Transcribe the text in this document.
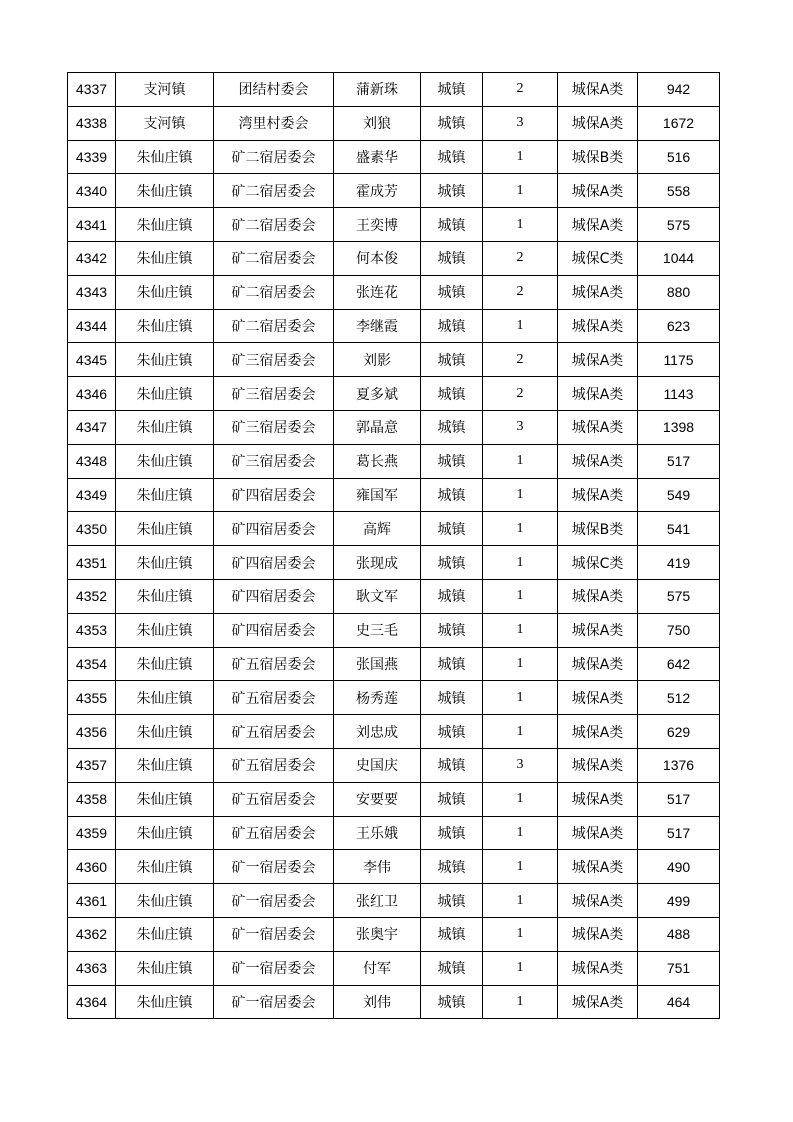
4337	支河镇	团结村委会	蒲新珠	城镇	2	城保A类	942
4338	支河镇	湾里村委会	刘狼	城镇	3	城保A类	1672
4339	朱仙庄镇	矿二宿居委会	盛素华	城镇	1	城保B类	516
4340	朱仙庄镇	矿二宿居委会	霍成芳	城镇	1	城保A类	558
4341	朱仙庄镇	矿二宿居委会	王奕博	城镇	1	城保A类	575
4342	朱仙庄镇	矿二宿居委会	何本俊	城镇	2	城保C类	1044
4343	朱仙庄镇	矿二宿居委会	张连花	城镇	2	城保A类	880
4344	朱仙庄镇	矿二宿居委会	李继霞	城镇	1	城保A类	623
4345	朱仙庄镇	矿三宿居委会	刘影	城镇	2	城保A类	1175
4346	朱仙庄镇	矿三宿居委会	夏多斌	城镇	2	城保A类	1143
4347	朱仙庄镇	矿三宿居委会	郭晶意	城镇	3	城保A类	1398
4348	朱仙庄镇	矿三宿居委会	葛长燕	城镇	1	城保A类	517
4349	朱仙庄镇	矿四宿居委会	雍国军	城镇	1	城保A类	549
4350	朱仙庄镇	矿四宿居委会	高辉	城镇	1	城保B类	541
4351	朱仙庄镇	矿四宿居委会	张现成	城镇	1	城保C类	419
4352	朱仙庄镇	矿四宿居委会	耿文军	城镇	1	城保A类	575
4353	朱仙庄镇	矿四宿居委会	史三毛	城镇	1	城保A类	750
4354	朱仙庄镇	矿五宿居委会	张国燕	城镇	1	城保A类	642
4355	朱仙庄镇	矿五宿居委会	杨秀莲	城镇	1	城保A类	512
4356	朱仙庄镇	矿五宿居委会	刘忠成	城镇	1	城保A类	629
4357	朱仙庄镇	矿五宿居委会	史国庆	城镇	3	城保A类	1376
4358	朱仙庄镇	矿五宿居委会	安要要	城镇	1	城保A类	517
4359	朱仙庄镇	矿五宿居委会	王乐娥	城镇	1	城保A类	517
4360	朱仙庄镇	矿一宿居委会	李伟	城镇	1	城保A类	490
4361	朱仙庄镇	矿一宿居委会	张红卫	城镇	1	城保A类	499
4362	朱仙庄镇	矿一宿居委会	张奥宇	城镇	1	城保A类	488
4363	朱仙庄镇	矿一宿居委会	付军	城镇	1	城保A类	751
4364	朱仙庄镇	矿一宿居委会	刘伟	城镇	1	城保A类	464
